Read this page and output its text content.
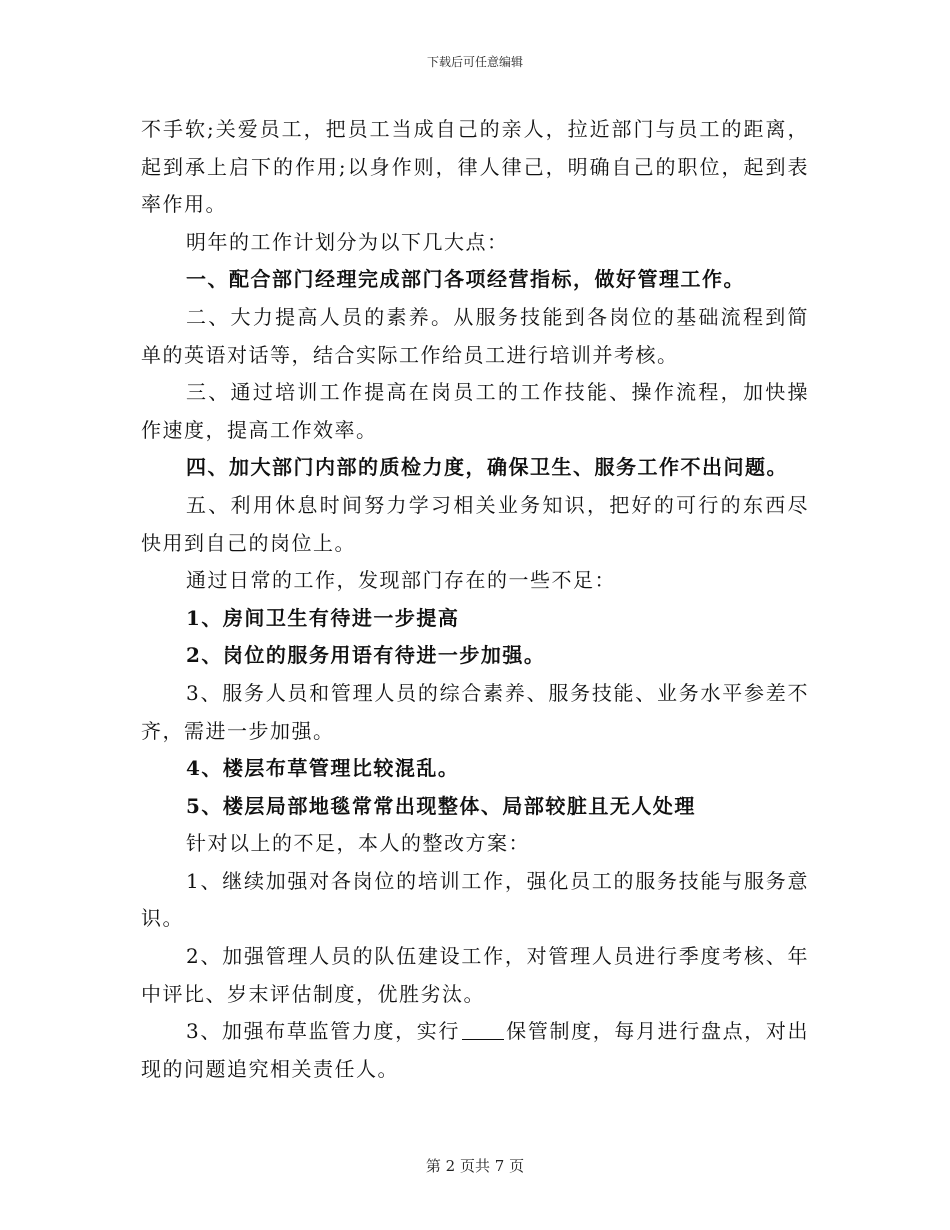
下载后可任意编辑

不手软;关爱员工，把员工当成自己的亲人，拉近部门与员工的距离，起到承上启下的作用;以身作则，律人律己，明确自己的职位，起到表率作用。

明年的工作计划分为以下几大点：

一、配合部门经理完成部门各项经营指标，做好管理工作。

二、大力提高人员的素养。从服务技能到各岗位的基础流程到简单的英语对话等，结合实际工作给员工进行培训并考核。

三、通过培训工作提高在岗员工的工作技能、操作流程，加快操作速度，提高工作效率。

四、加大部门内部的质检力度，确保卫生、服务工作不出问题。

五、利用休息时间努力学习相关业务知识，把好的可行的东西尽快用到自己的岗位上。

通过日常的工作，发现部门存在的一些不足：

1、房间卫生有待进一步提高

2、岗位的服务用语有待进一步加强。

3、服务人员和管理人员的综合素养、服务技能、业务水平参差不齐，需进一步加强。

4、楼层布草管理比较混乱。

5、楼层局部地毯常常出现整体、局部较脏且无人处理

针对以上的不足，本人的整改方案：

1、继续加强对各岗位的培训工作，强化员工的服务技能与服务意识。

2、加强管理人员的队伍建设工作，对管理人员进行季度考核、年中评比、岁末评估制度，优胜劣汰。

3、加强布草监管力度，实行 保管制度，每月进行盘点，对出现的问题追究相关责任人。

第 2 页共 7 页
